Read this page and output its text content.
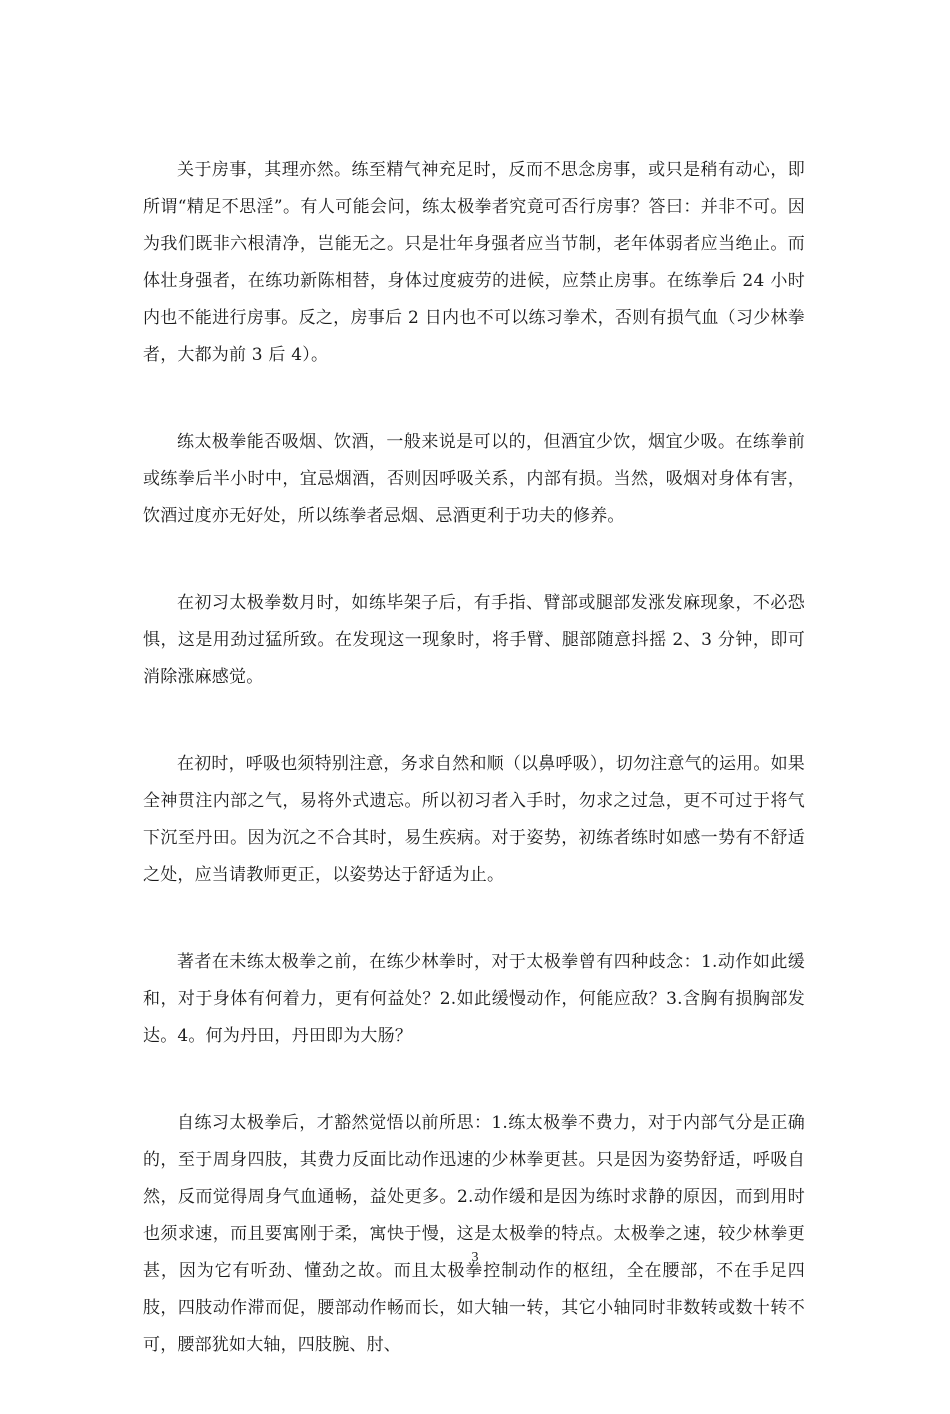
关于房事，其理亦然。练至精气神充足时，反而不思念房事，或只是稍有动心，即所谓“精足不思淫”。有人可能会问，练太极拳者究竟可否行房事？答曰：并非不可。因为我们既非六根清净，岂能无之。只是壮年身强者应当节制，老年体弱者应当绝止。而体壮身强者，在练功新陈相替，身体过度疲劳的进候，应禁止房事。在练拳后 24 小时内也不能进行房事。反之，房事后 2 日内也不可以练习拳术，否则有损气血（习少林拳者，大都为前 3 后 4）。

练太极拳能否吸烟、饮酒，一般来说是可以的，但酒宜少饮，烟宜少吸。在练拳前或练拳后半小时中，宜忌烟酒，否则因呼吸关系，内部有损。当然，吸烟对身体有害，饮酒过度亦无好处，所以练拳者忌烟、忌酒更利于功夫的修养。

在初习太极拳数月时，如练毕架子后，有手指、臂部或腿部发涨发麻现象，不必恐惧，这是用劲过猛所致。在发现这一现象时，将手臂、腿部随意抖摇 2、3 分钟，即可消除涨麻感觉。

在初时，呼吸也须特别注意，务求自然和顺（以鼻呼吸），切勿注意气的运用。如果全神贯注内部之气，易将外式遗忘。所以初习者入手时，勿求之过急，更不可过于将气下沉至丹田。因为沉之不合其时，易生疾病。对于姿势，初练者练时如感一势有不舒适之处，应当请教师更正，以姿势达于舒适为止。

著者在未练太极拳之前，在练少林拳时，对于太极拳曾有四种歧念：1.动作如此缓和，对于身体有何着力，更有何益处？2.如此缓慢动作，何能应敌？3.含胸有损胸部发达。4。何为丹田，丹田即为大肠？

自练习太极拳后，才豁然觉悟以前所思：1.练太极拳不费力，对于内部气分是正确的，至于周身四肢，其费力反面比动作迅速的少林拳更甚。只是因为姿势舒适，呼吸自然，反而觉得周身气血通畅，益处更多。2.动作缓和是因为练时求静的原因，而到用时也须求速，而且要寓刚于柔，寓快于慢，这是太极拳的特点。太极拳之速，较少林拳更甚，因为它有听劲、懂劲之故。而且太极拳控制动作的枢纽，全在腰部，不在手足四肢，四肢动作滞而促，腰部动作畅而长，如大轴一转，其它小轴同时非数转或数十转不可，腰部犹如大轴，四肢腕、肘、

3
